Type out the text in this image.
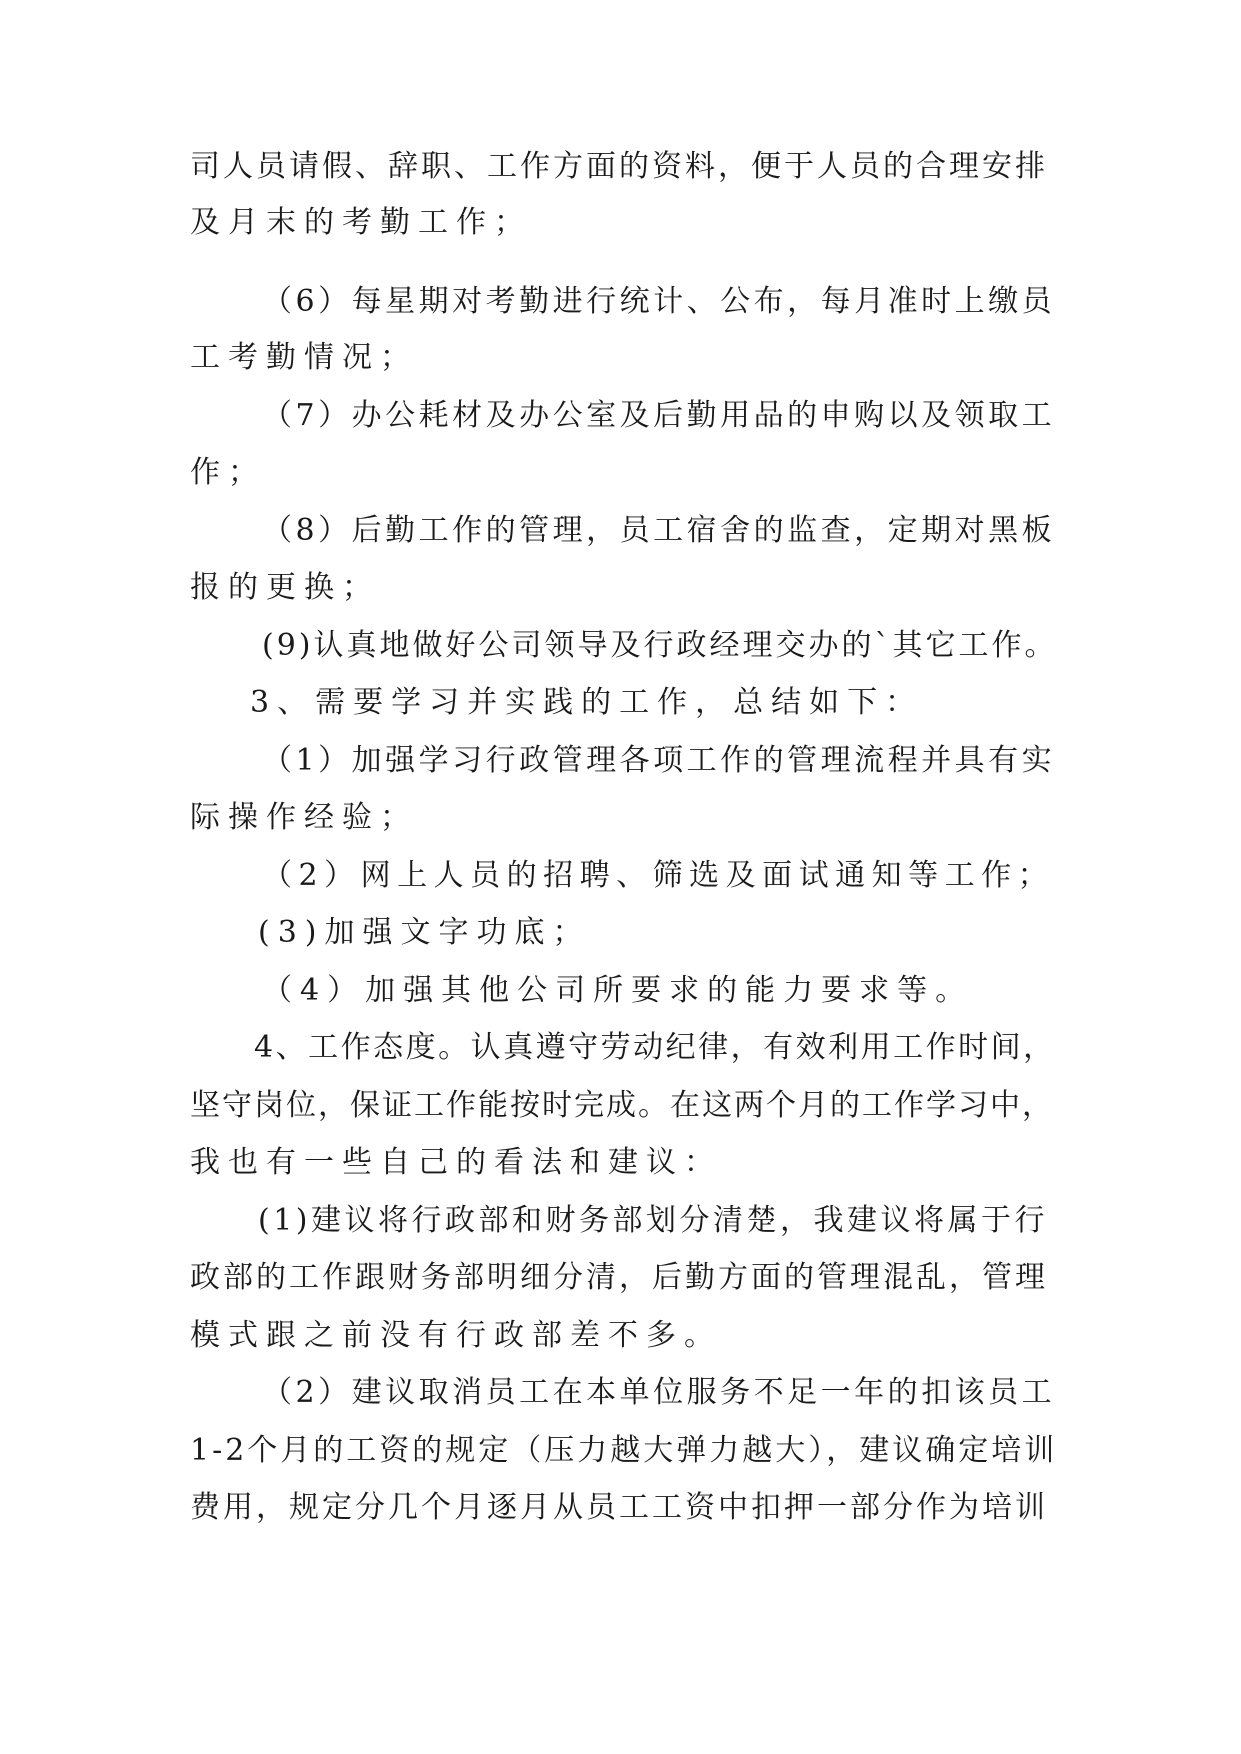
司人员请假、辞职、工作方面的资料，便于人员的合理安排

及月末的考勤工作；

（6）每星期对考勤进行统计、公布，每月准时上缴员

工考勤情况；

（7）办公耗材及办公室及后勤用品的申购以及领取工

作；

（8）后勤工作的管理，员工宿舍的监查，定期对黑板

报的更换；

(9)认真地做好公司领导及行政经理交办的`其它工作。

3、需要学习并实践的工作，总结如下：

（1）加强学习行政管理各项工作的管理流程并具有实

际操作经验；

（2）网上人员的招聘、筛选及面试通知等工作；

(3)加强文字功底；

（4）加强其他公司所要求的能力要求等。

4、工作态度。认真遵守劳动纪律，有效利用工作时间，

坚守岗位，保证工作能按时完成。在这两个月的工作学习中，

我也有一些自己的看法和建议：

(1)建议将行政部和财务部划分清楚，我建议将属于行

政部的工作跟财务部明细分清，后勤方面的管理混乱，管理

模式跟之前没有行政部差不多。

（2）建议取消员工在本单位服务不足一年的扣该员工

1-2个月的工资的规定（压力越大弹力越大），建议确定培训

费用，规定分几个月逐月从员工工资中扣押一部分作为培训
